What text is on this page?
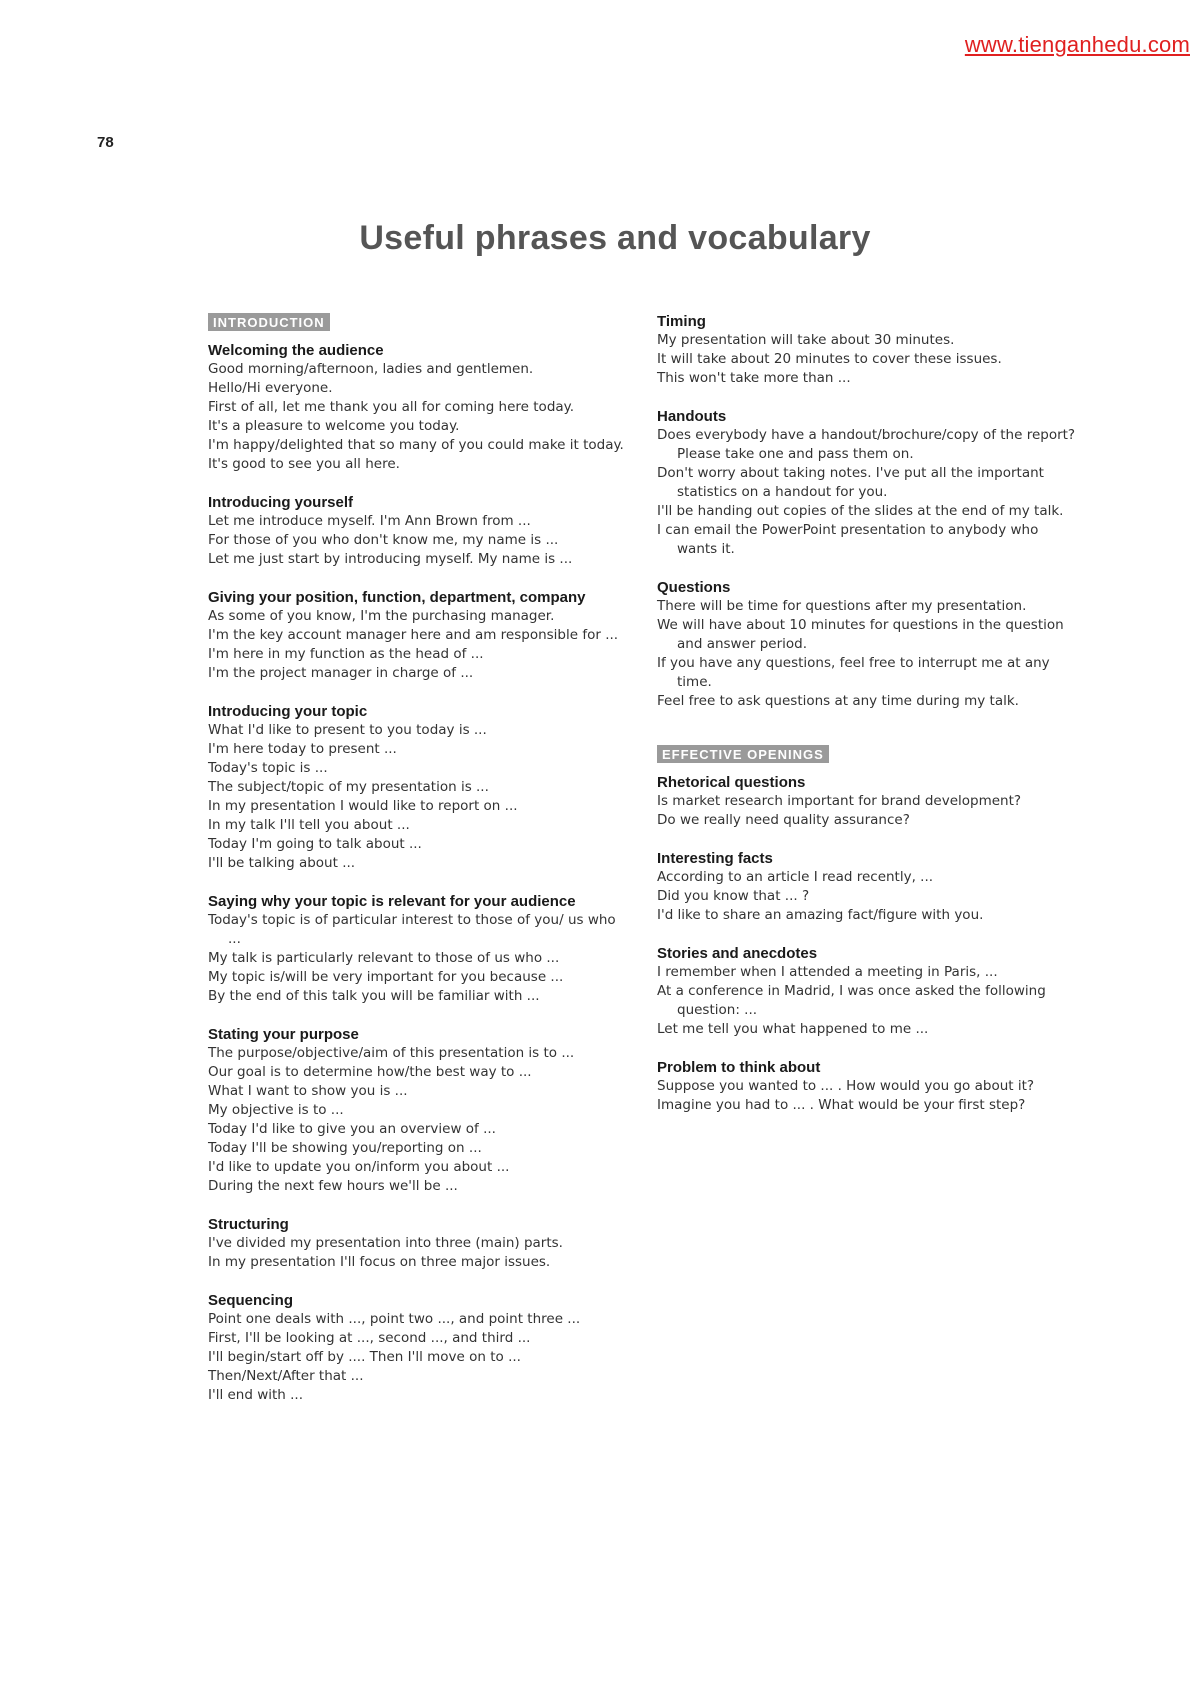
www.tienganhedu.com
78
Useful phrases and vocabulary
INTRODUCTION
Welcoming the audience

Good morning/afternoon, ladies and gentlemen.

Hello/Hi everyone.

First of all, let me thank you all for coming here today.

It's a pleasure to welcome you today.

I'm happy/delighted that so many of you could make it today.

It's good to see you all here.

Introducing yourself

Let me introduce myself. I'm Ann Brown from ...

For those of you who don't know me, my name is ...

Let me just start by introducing myself. My name is ...

Giving your position, function, department, company

As some of you know, I'm the purchasing manager.

I'm the key account manager here and am responsible for ...

I'm here in my function as the head of ...

I'm the project manager in charge of ...

Introducing your topic

What I'd like to present to you today is ...

I'm here today to present ...

Today's topic is ...

The subject/topic of my presentation is ...

In my presentation I would like to report on ...

In my talk I'll tell you about ...

Today I'm going to talk about ...

I'll be talking about ...

Saying why your topic is relevant for your audience

Today's topic is of particular interest to those of you/ us who ...

My talk is particularly relevant to those of us who ...

My topic is/will be very important for you because ...

By the end of this talk you will be familiar with ...

Stating your purpose

The purpose/objective/aim of this presentation is to ...

Our goal is to determine how/the best way to ...

What I want to show you is ...

My objective is to ...

Today I'd like to give you an overview of ...

Today I'll be showing you/reporting on ...

I'd like to update you on/inform you about ...

During the next few hours we'll be ...

Structuring

I've divided my presentation into three (main) parts.

In my presentation I'll focus on three major issues.

Sequencing

Point one deals with ..., point two ..., and point three ...

First, I'll be looking at ..., second ..., and third ...

I'll begin/start off by .... Then I'll move on to ...

Then/Next/After that ...

I'll end with ...

Timing

My presentation will take about 30 minutes.

It will take about 20 minutes to cover these issues.

This won't take more than ...

Handouts

Does everybody have a handout/brochure/copy of the report? Please take one and pass them on.

Don't worry about taking notes. I've put all the important statistics on a handout for you.

I'll be handing out copies of the slides at the end of my talk.

I can email the PowerPoint presentation to anybody who wants it.

Questions

There will be time for questions after my presentation.

We will have about 10 minutes for questions in the question and answer period.

If you have any questions, feel free to interrupt me at any time.

Feel free to ask questions at any time during my talk.

EFFECTIVE OPENINGS
Rhetorical questions

Is market research important for brand development?

Do we really need quality assurance?

Interesting facts

According to an article I read recently, ...

Did you know that ... ?

I'd like to share an amazing fact/figure with you.

Stories and anecdotes

I remember when I attended a meeting in Paris, ...

At a conference in Madrid, I was once asked the following question: ...

Let me tell you what happened to me ...

Problem to think about

Suppose you wanted to ... . How would you go about it?

Imagine you had to ... . What would be your first step?
